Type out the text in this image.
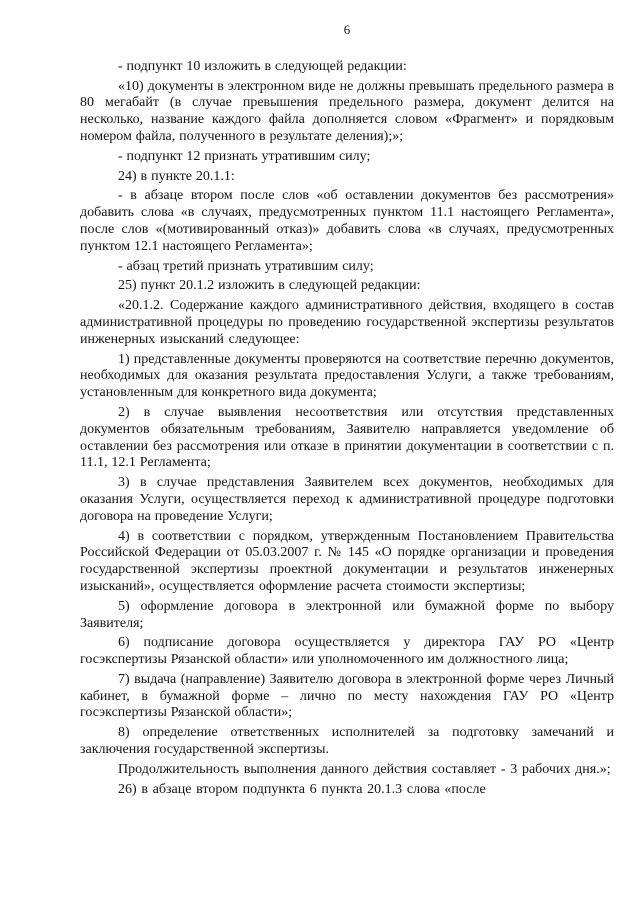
6

- подпункт 10 изложить в следующей редакции:

«10) документы в электронном виде не должны превышать предельного размера в 80 мегабайт (в случае превышения предельного размера, документ делится на несколько, название каждого файла дополняется словом «Фрагмент» и порядковым номером файла, полученного в результате деления);»;

- подпункт 12 признать утратившим силу;

24) в пункте 20.1.1:

- в абзаце втором после слов «об оставлении документов без рассмотрения» добавить слова «в случаях, предусмотренных пунктом 11.1 настоящего Регламента», после слов «(мотивированный отказ)» добавить слова «в случаях, предусмотренных пунктом 12.1 настоящего Регламента»;

- абзац третий признать утратившим силу;

25) пункт 20.1.2 изложить в следующей редакции:

«20.1.2. Содержание каждого административного действия, входящего в состав административной процедуры по проведению государственной экспертизы результатов инженерных изысканий следующее:

1) представленные документы проверяются на соответствие перечню документов, необходимых для оказания результата предоставления Услуги, а также требованиям, установленным для конкретного вида документа;

2) в случае выявления несоответствия или отсутствия представленных документов обязательным требованиям, Заявителю направляется уведомление об оставлении без рассмотрения или отказе в принятии документации в соответствии с п. 11.1, 12.1 Регламента;

3) в случае представления Заявителем всех документов, необходимых для оказания Услуги, осуществляется переход к административной процедуре подготовки договора на проведение Услуги;

4) в соответствии с порядком, утвержденным Постановлением Правительства Российской Федерации от 05.03.2007 г. № 145 «О порядке организации и проведения государственной экспертизы проектной документации и результатов инженерных изысканий», осуществляется оформление расчета стоимости экспертизы;

5) оформление договора в электронной или бумажной форме по выбору Заявителя;

6) подписание договора осуществляется у директора ГАУ РО «Центр госэкспертизы Рязанской области» или уполномоченного им должностного лица;

7) выдача (направление) Заявителю договора в электронной форме через Личный кабинет, в бумажной форме – лично по месту нахождения ГАУ РО «Центр госэкспертизы Рязанской области»;

8) определение ответственных исполнителей за подготовку замечаний и заключения государственной экспертизы.

Продолжительность выполнения данного действия составляет - 3 рабочих дня.»;

26) в абзаце втором подпункта 6 пункта 20.1.3 слова «после
